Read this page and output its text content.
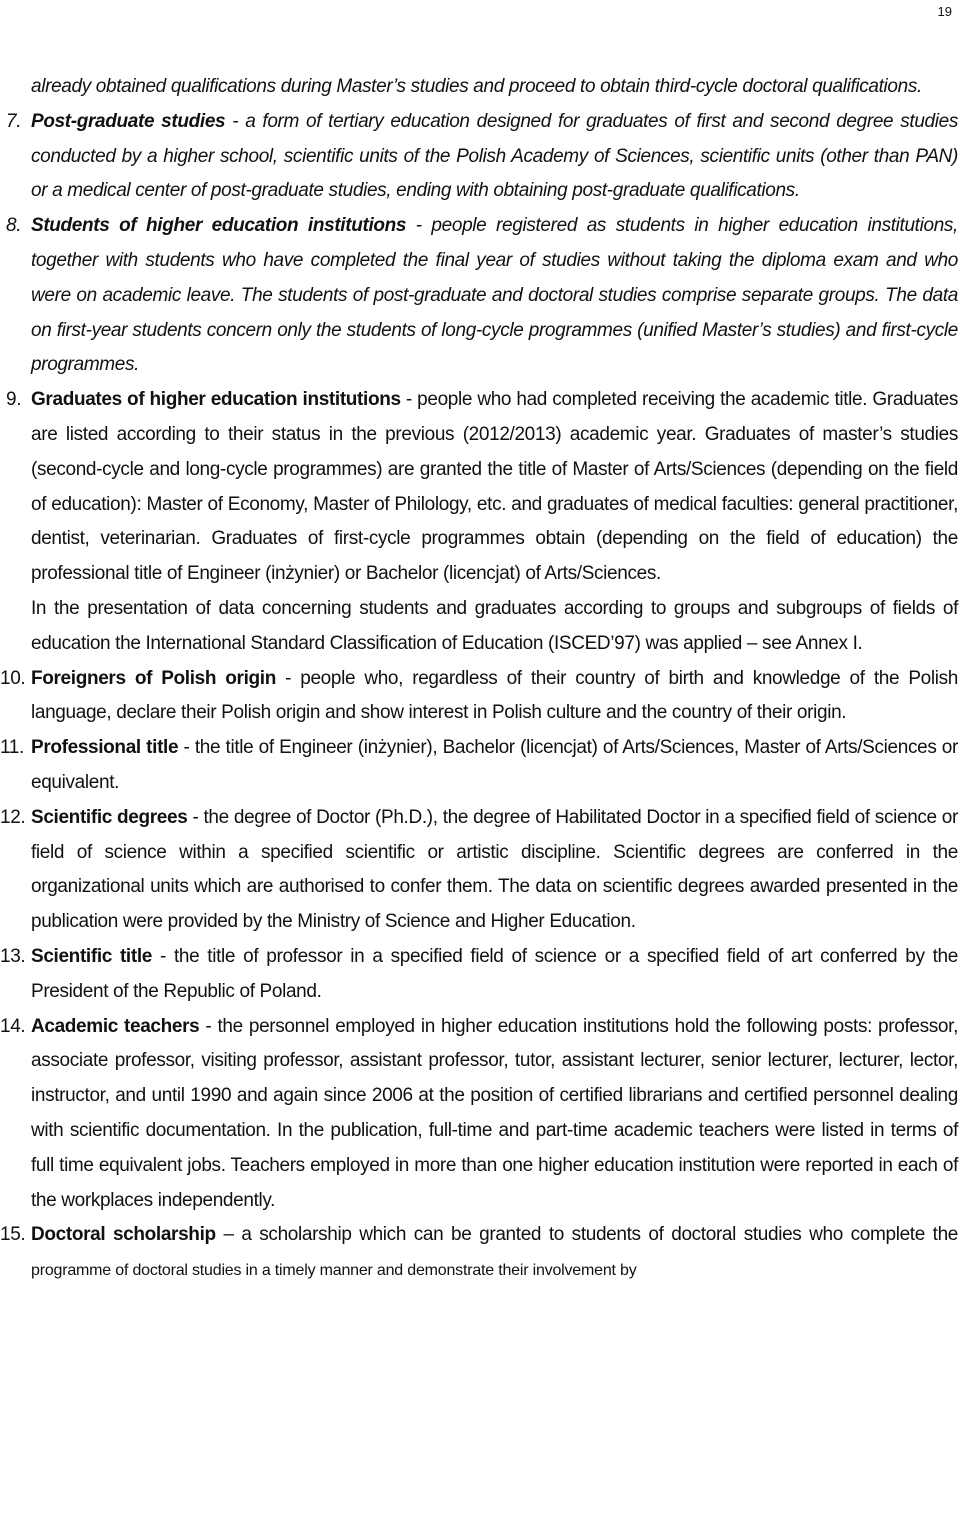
19

already obtained qualifications during Master’s studies and proceed to obtain third-cycle doctoral qualifications.

7. Post-graduate studies - a form of tertiary education designed for graduates of first and second degree studies conducted by a higher school, scientific units of the Polish Academy of Sciences, scientific units (other than PAN) or a medical center of post-graduate studies, ending with obtaining post-graduate qualifications.

8. Students of higher education institutions - people registered as students in higher education institutions, together with students who have completed the final year of studies without taking the diploma exam and who were on academic leave. The students of post-graduate and doctoral studies comprise separate groups. The data on first-year students concern only the students of long-cycle programmes (unified Master’s studies) and first-cycle programmes.

9. Graduates of higher education institutions - people who had completed receiving the academic title. Graduates are listed according to their status in the previous (2012/2013) academic year. Graduates of master’s studies (second-cycle and long-cycle programmes) are granted the title of Master of Arts/Sciences (depending on the field of education): Master of Economy, Master of Philology, etc. and graduates of medical faculties: general practitioner, dentist, veterinarian. Graduates of first-cycle programmes obtain (depending on the field of education) the professional title of Engineer (inżynier) or Bachelor (licencjat) of Arts/Sciences.

In the presentation of data concerning students and graduates according to groups and subgroups of fields of education the International Standard Classification of Education (ISCED’97) was applied – see Annex I.

10. Foreigners of Polish origin - people who, regardless of their country of birth and knowledge of the Polish language, declare their Polish origin and show interest in Polish culture and the country of their origin.

11. Professional title - the title of Engineer (inżynier), Bachelor (licencjat) of Arts/Sciences, Master of Arts/Sciences or equivalent.

12. Scientific degrees - the degree of Doctor (Ph.D.), the degree of Habilitated Doctor in a specified field of science or field of science within a specified scientific or artistic discipline. Scientific degrees are conferred in the organizational units which are authorised to confer them. The data on scientific degrees awarded presented in the publication were provided by the Ministry of Science and Higher Education.

13. Scientific title - the title of professor in a specified field of science or a specified field of art conferred by the President of the Republic of Poland.

14. Academic teachers - the personnel employed in higher education institutions hold the following posts: professor, associate professor, visiting professor, assistant professor, tutor, assistant lecturer, senior lecturer, lecturer, lector, instructor, and until 1990 and again since 2006 at the position of certified librarians and certified personnel dealing with scientific documentation. In the publication, full-time and part-time academic teachers were listed in terms of full time equivalent jobs. Teachers employed in more than one higher education institution were reported in each of the workplaces independently.

15. Doctoral scholarship – a scholarship which can be granted to students of doctoral studies who complete the programme of doctoral studies in a timely manner and demonstrate their involvement by
